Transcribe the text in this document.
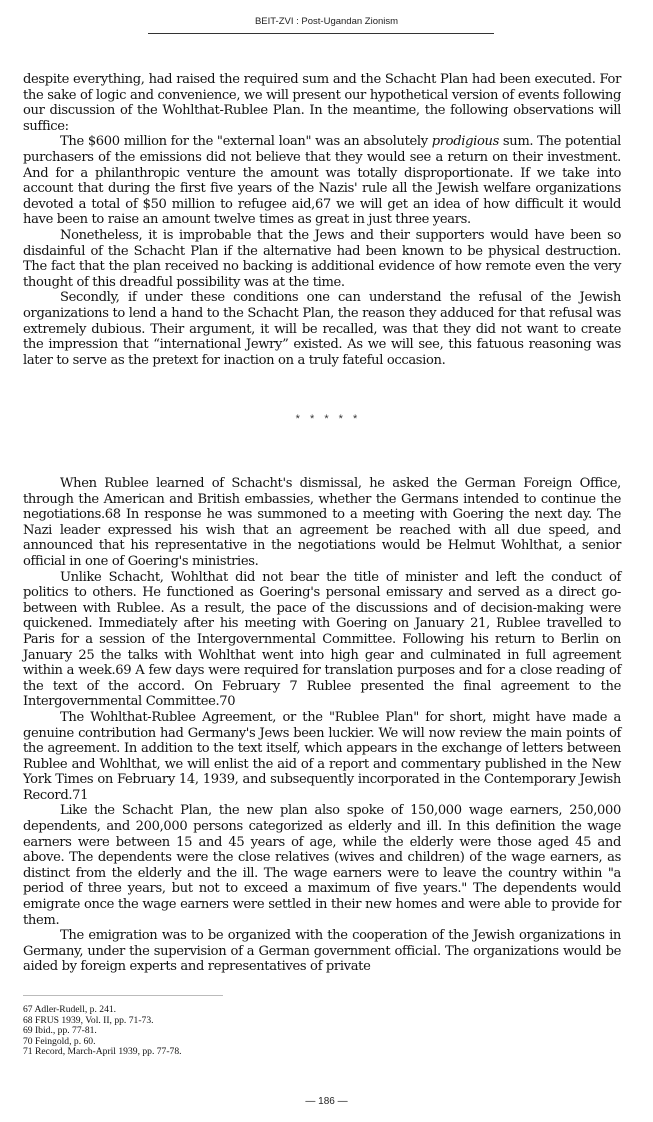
BEIT-ZVI : Post-Ugandan Zionism

despite everything, had raised the required sum and the Schacht Plan had been executed. For the sake of logic and convenience, we will present our hypothetical version of events following our discussion of the Wohlthat-Rublee Plan. In the meantime, the following observations will suffice:

The $600 million for the "external loan" was an absolutely prodigious sum. The potential purchasers of the emissions did not believe that they would see a return on their investment. And for a philanthropic venture the amount was totally disproportionate. If we take into account that during the first five years of the Nazis' rule all the Jewish welfare organizations devoted a total of $50 million to refugee aid,67 we will get an idea of how difficult it would have been to raise an amount twelve times as great in just three years.

Nonetheless, it is improbable that the Jews and their supporters would have been so disdainful of the Schacht Plan if the alternative had been known to be physical destruction. The fact that the plan received no backing is additional evidence of how remote even the very thought of this dreadful possibility was at the time.

Secondly, if under these conditions one can understand the refusal of the Jewish organizations to lend a hand to the Schacht Plan, the reason they adduced for that refusal was extremely dubious. Their argument, it will be recalled, was that they did not want to create the impression that “international Jewry” existed. As we will see, this fatuous reasoning was later to serve as the pretext for inaction on a truly fateful occasion.

* * * * *

When Rublee learned of Schacht's dismissal, he asked the German Foreign Office, through the American and British embassies, whether the Germans intended to continue the negotiations.68 In response he was summoned to a meeting with Goering the next day. The Nazi leader expressed his wish that an agreement be reached with all due speed, and announced that his representative in the negotiations would be Helmut Wohlthat, a senior official in one of Goering's ministries.

Unlike Schacht, Wohlthat did not bear the title of minister and left the conduct of politics to others. He functioned as Goering's personal emissary and served as a direct go-between with Rublee. As a result, the pace of the discussions and of decision-making were quickened. Immediately after his meeting with Goering on January 21, Rublee travelled to Paris for a session of the Intergovernmental Committee. Following his return to Berlin on January 25 the talks with Wohlthat went into high gear and culminated in full agreement within a week.69 A few days were required for translation purposes and for a close reading of the text of the accord. On February 7 Rublee presented the final agreement to the Intergovernmental Committee.70

The Wohlthat-Rublee Agreement, or the "Rublee Plan" for short, might have made a genuine contribution had Germany's Jews been luckier. We will now review the main points of the agreement. In addition to the text itself, which appears in the exchange of letters between Rublee and Wohlthat, we will enlist the aid of a report and commentary published in the New York Times on February 14, 1939, and subsequently incorporated in the Contemporary Jewish Record.71

Like the Schacht Plan, the new plan also spoke of 150,000 wage earners, 250,000 dependents, and 200,000 persons categorized as elderly and ill. In this definition the wage earners were between 15 and 45 years of age, while the elderly were those aged 45 and above. The dependents were the close relatives (wives and children) of the wage earners, as distinct from the elderly and the ill. The wage earners were to leave the country within "a period of three years, but not to exceed a maximum of five years." The dependents would emigrate once the wage earners were settled in their new homes and were able to provide for them.

The emigration was to be organized with the cooperation of the Jewish organizations in Germany, under the supervision of a German government official. The organizations would be aided by foreign experts and representatives of private

67 Adler-Rudell, p. 241.
68 FRUS 1939, Vol. II, pp. 71-73.
69 Ibid., pp. 77-81.
70 Feingold, p. 60.
71 Record, March-April 1939, pp. 77-78.
— 186 —
